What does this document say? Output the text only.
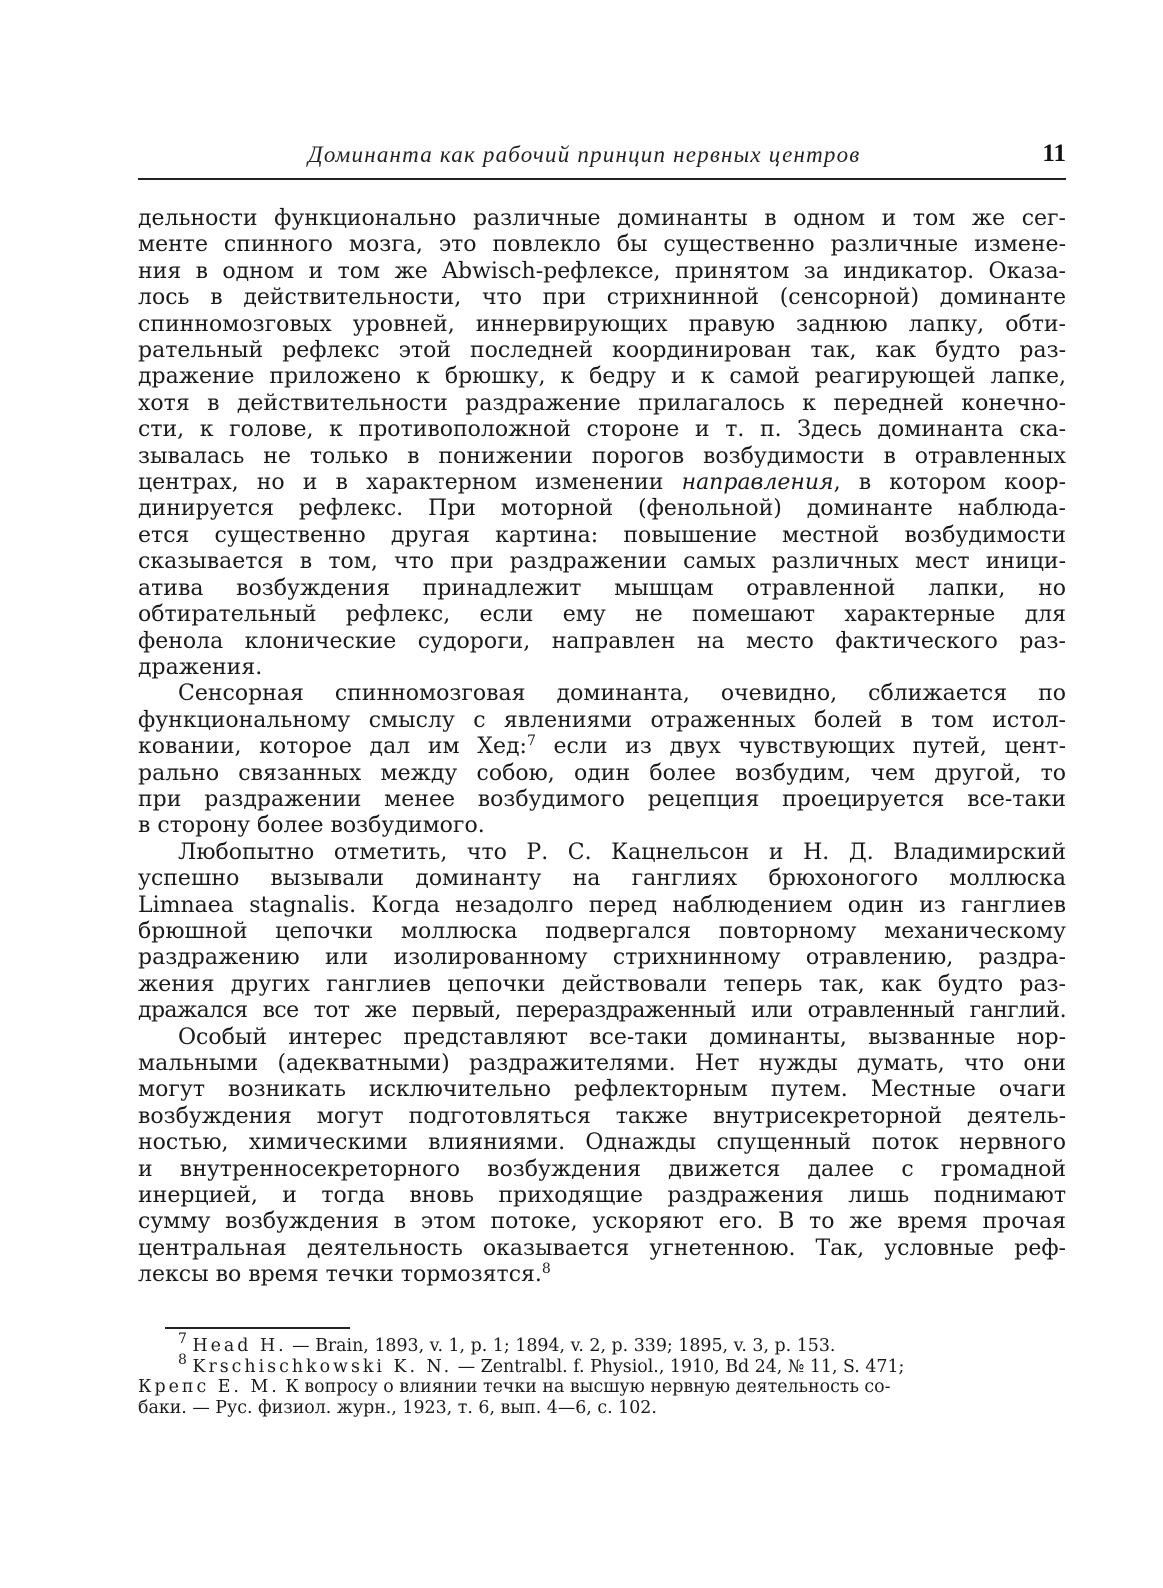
Доминанта как рабочий принцип нервных центров	11

дельности функционально различные доминанты в одном и том же сег-

менте спинного мозга, это повлекло бы существенно различные измене-

ния в одном и том же Abwisch-рефлексе, принятом за индикатор. Оказа-

лось в действительности, что при стрихнинной (сенсорной) доминанте

спинномозговых уровней, иннервирующих правую заднюю лапку, обти-

рательный рефлекс этой последней координирован так, как будто раз-

дражение приложено к брюшку, к бедру и к самой реагирующей лапке,

хотя в действительности раздражение прилагалось к передней конечно-

сти, к голове, к противоположной стороне и т. п. Здесь доминанта ска-

зывалась не только в понижении порогов возбудимости в отравленных

центрах, но и в характерном изменении направления, в котором коор-

динируется рефлекс. При моторной (фенольной) доминанте наблюда-

ется существенно другая картина: повышение местной возбудимости

сказывается в том, что при раздражении самых различных мест иници-

атива возбуждения принадлежит мышцам отравленной лапки, но

обтирательный рефлекс, если ему не помешают характерные для

фенола клонические судороги, направлен на место фактического раз-

дражения.

Сенсорная спинномозговая доминанта, очевидно, сближается по

функциональному смыслу с явлениями отраженных болей в том истол-

ковании, которое дал им Хед:$^7$ если из двух чувствующих путей, цент-

рально связанных между собою, один более возбудим, чем другой, то

при раздражении менее возбудимого рецепция проецируется все-таки

в сторону более возбудимого.

Любопытно отметить, что Р. С. Кацнельсон и Н. Д. Владимирский

успешно вызывали доминанту на ганглиях брюхоногого моллюска

Limnaea stagnalis. Когда незадолго перед наблюдением один из ганглиев

брюшной цепочки моллюска подвергался повторному механическому

раздражению или изолированному стрихнинному отравлению, раздра-

жения других ганглиев цепочки действовали теперь так, как будто раз-

дражался все тот же первый, перераздраженный или отравленный ганглий.

Особый интерес представляют все-таки доминанты, вызванные нор-

мальными (адекватными) раздражителями. Нет нужды думать, что они

могут возникать исключительно рефлекторным путем. Местные очаги

возбуждения могут подготовляться также внутрисекреторной деятель-

ностью, химическими влияниями. Однажды спущенный поток нервного

и внутренносекреторного возбуждения движется далее с громадной

инерцией, и тогда вновь приходящие раздражения лишь поднимают

сумму возбуждения в этом потоке, ускоряют его. В то же время прочая

центральная деятельность оказывается угнетенною. Так, условные реф-

лексы во время течки тормозятся.$^8$

$^7$ Head H. — Brain, 1893, v. 1, p. 1; 1894, v. 2, p. 339; 1895, v. 3, p. 153.

$^8$ Krschischkowski K. N. — Zentralbl. f. Physiol., 1910, Bd 24, № 11, S. 471;

Крепс Е. М. К вопросу о влиянии течки на высшую нервную деятельность со-

баки. — Рус. физиол. журн., 1923, т. 6, вып. 4—6, с. 102.
